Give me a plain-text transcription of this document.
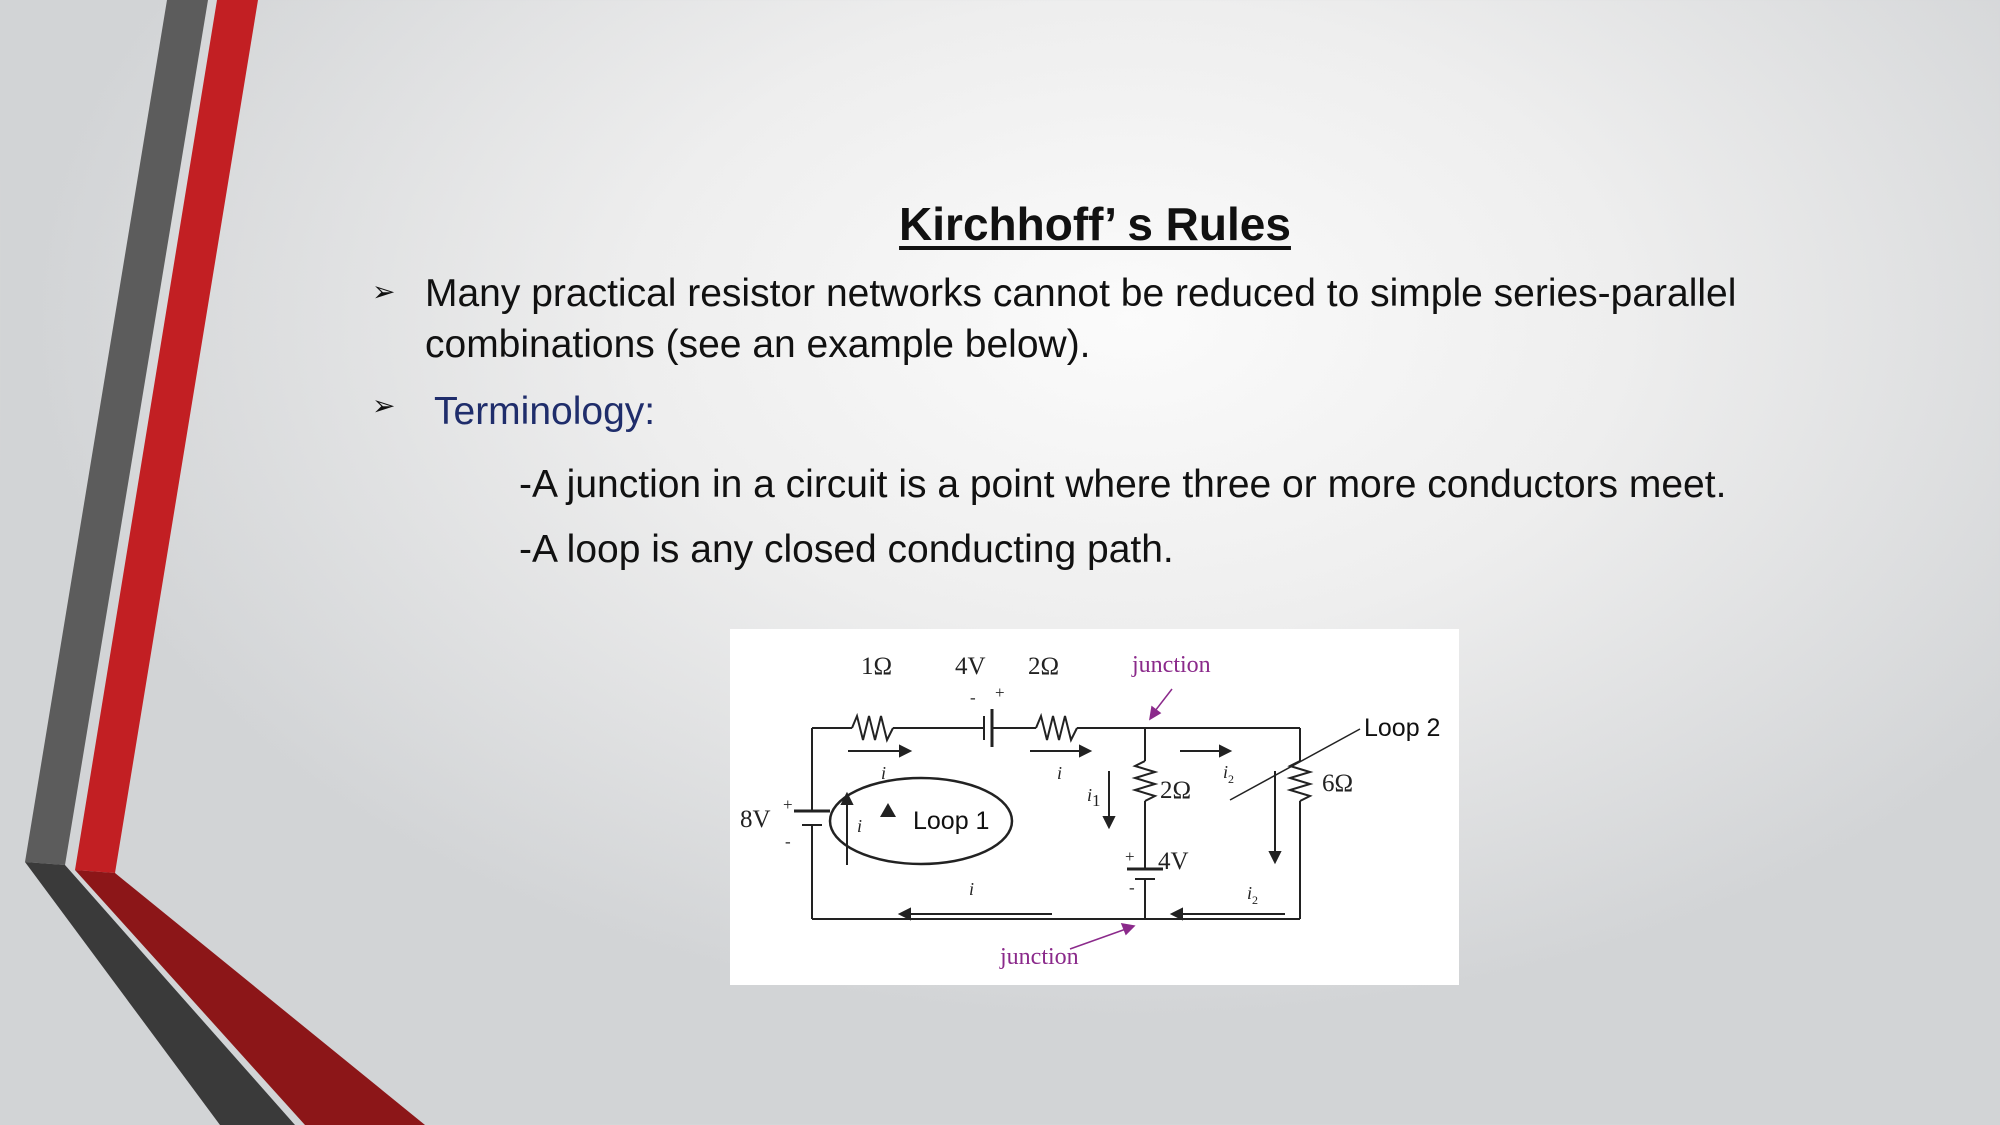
Kirchhoff’ s Rules
➢ Many practical resistor networks cannot be reduced to simple series-parallel combinations (see an example below).

➢ Terminology:

-A junction in a circuit is a point where three or more conductors meet.

-A loop is any closed conducting path.

1Ω	4V 2Ω
- +
junction
Loop 2
Loop 1
8V
+
-
2Ω	6Ω
4V
+
-
i	i
i
i
i1
$i_2$
$i_2$
junction
